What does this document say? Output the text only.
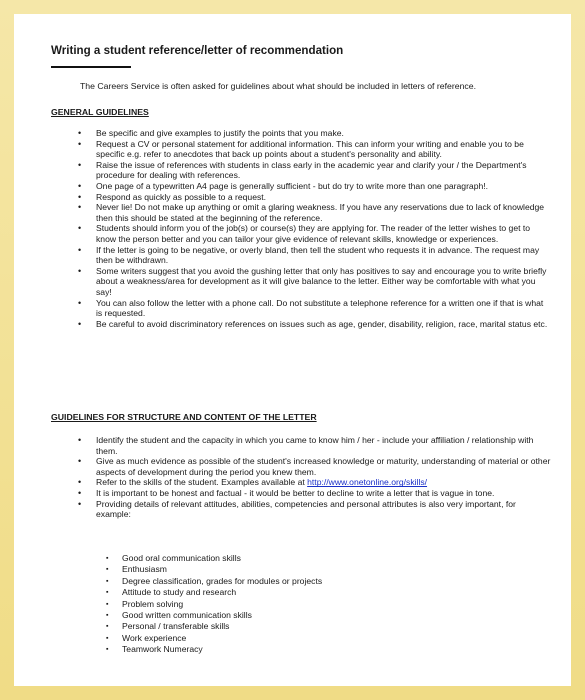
Writing a student reference/letter of recommendation
The Careers Service is often asked for guidelines about what should be included in letters of reference.
GENERAL GUIDELINES
• Be specific and give examples to justify the points that you make.
• Request a CV or personal statement for additional information. This can inform your writing and enable you to be specific e.g. refer to anecdotes that back up points about a student's personality and ability.
• Raise the issue of references with students in class early in the academic year and clarify your / the Department's procedure for dealing with references.
• One page of a typewritten A4 page is generally sufficient - but do try to write more than one paragraph!.
• Respond as quickly as possible to a request.
• Never lie! Do not make up anything or omit a glaring weakness. If you have any reservations due to lack of knowledge then this should be stated at the beginning of the reference.
• Students should inform you of the job(s) or course(s) they are applying for. The reader of the letter wishes to get to know the person better and you can tailor your give evidence of relevant skills, knowledge or experiences.
• If the letter is going to be negative, or overly bland, then tell the student who requests it in advance. The request may then be withdrawn.
• Some writers suggest that you avoid the gushing letter that only has positives to say and encourage you to write briefly about a weakness/area for development as it will give balance to the letter. Either way be comfortable with what you say!
• You can also follow the letter with a phone call. Do not substitute a telephone reference for a written one if that is what is requested.
• Be careful to avoid discriminatory references on issues such as age, gender, disability, religion, race, marital status etc.
GUIDELINES FOR STRUCTURE AND CONTENT OF THE LETTER
• Identify the student and the capacity in which you came to know him / her - include your affiliation / relationship with them.
• Give as much evidence as possible of the student's increased knowledge or maturity, understanding of material or other aspects of development during the period you knew them.
• Refer to the skills of the student. Examples available at http://www.onetonline.org/skills/
• It is important to be honest and factual - it would be better to decline to write a letter that is vague in tone.
• Providing details of relevant attitudes, abilities, competencies and personal attributes is also very important, for example:
▪ Good oral communication skills
▪ Enthusiasm
▪ Degree classification, grades for modules or projects
▪ Attitude to study and research
▪ Problem solving
▪ Good written communication skills
▪ Personal / transferable skills
▪ Work experience
▪ Teamwork Numeracy
